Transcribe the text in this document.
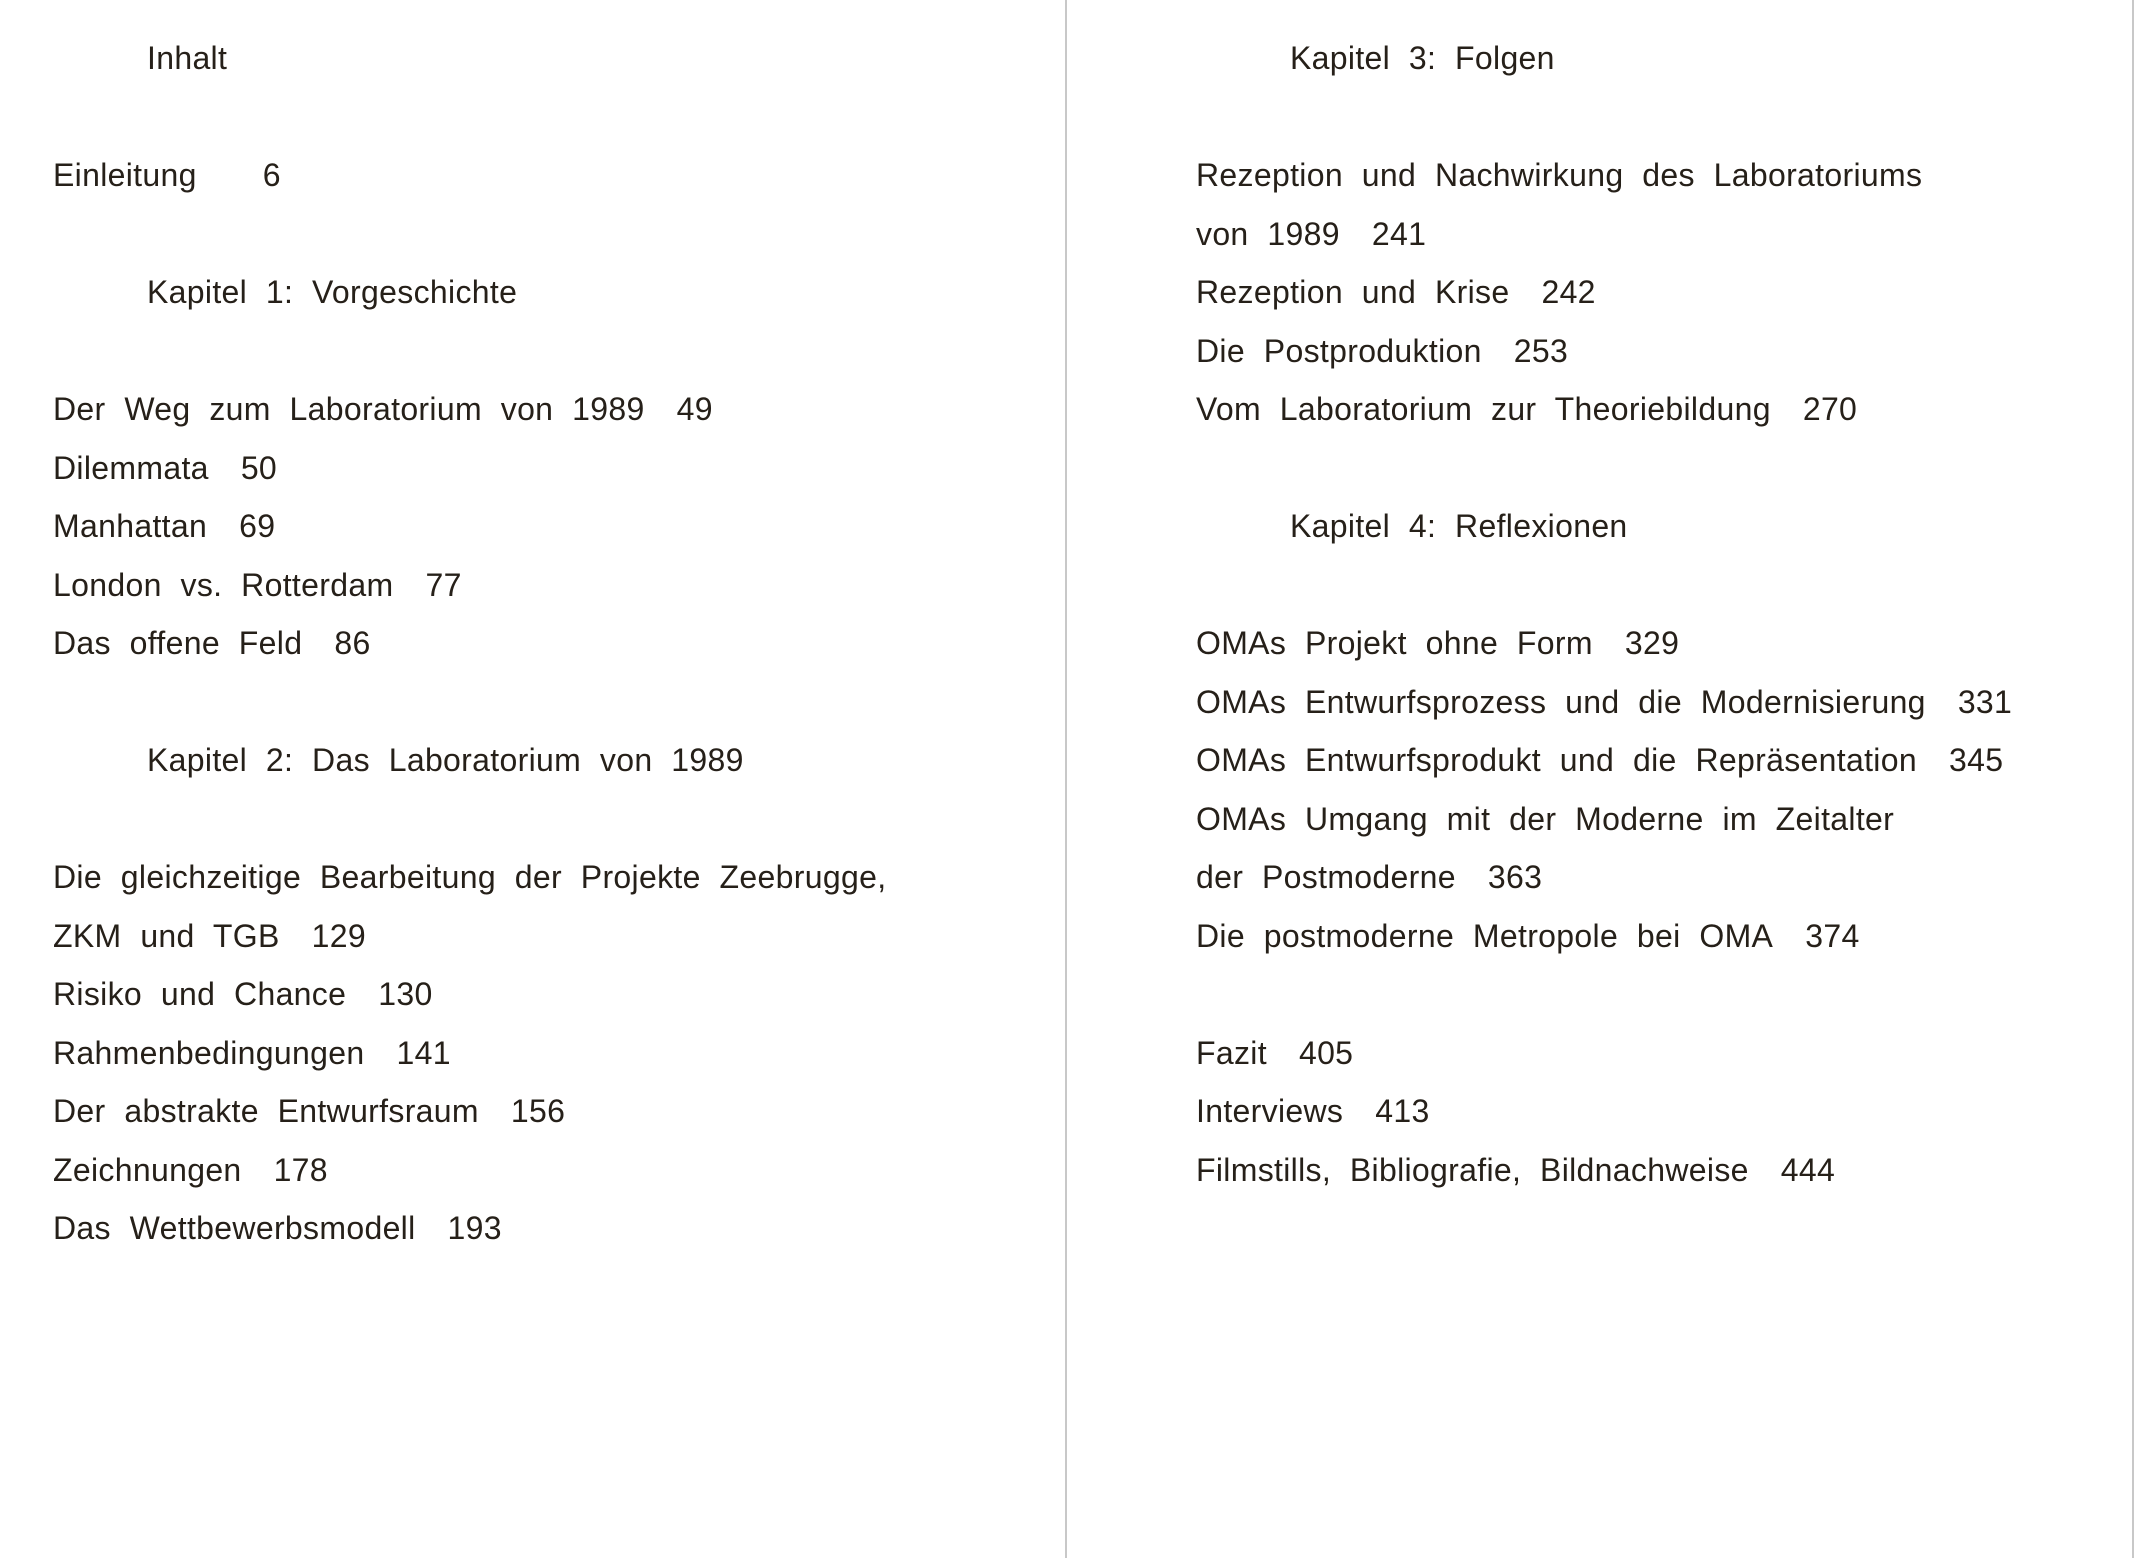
Inhalt
Einleitung 6
Kapitel 1: Vorgeschichte
Der Weg zum Laboratorium von 1989 49
Dilemmata 50
Manhattan 69
London vs. Rotterdam 77
Das offene Feld 86
Kapitel 2: Das Laboratorium von 1989
Die gleichzeitige Bearbeitung der Projekte Zeebrugge,
ZKM und TGB 129
Risiko und Chance 130
Rahmenbedingungen 141
Der abstrakte Entwurfsraum 156
Zeichnungen 178
Das Wettbewerbsmodell 193
Kapitel 3: Folgen
Rezeption und Nachwirkung des Laboratoriums
von 1989 241
Rezeption und Krise 242
Die Postproduktion 253
Vom Laboratorium zur Theoriebildung 270
Kapitel 4: Reflexionen
OMAs Projekt ohne Form 329
OMAs Entwurfsprozess und die Modernisierung 331
OMAs Entwurfsprodukt und die Repräsentation 345
OMAs Umgang mit der Moderne im Zeitalter
der Postmoderne 363
Die postmoderne Metropole bei OMA 374
Fazit 405
Interviews 413
Filmstills, Bibliografie, Bildnachweise 444
